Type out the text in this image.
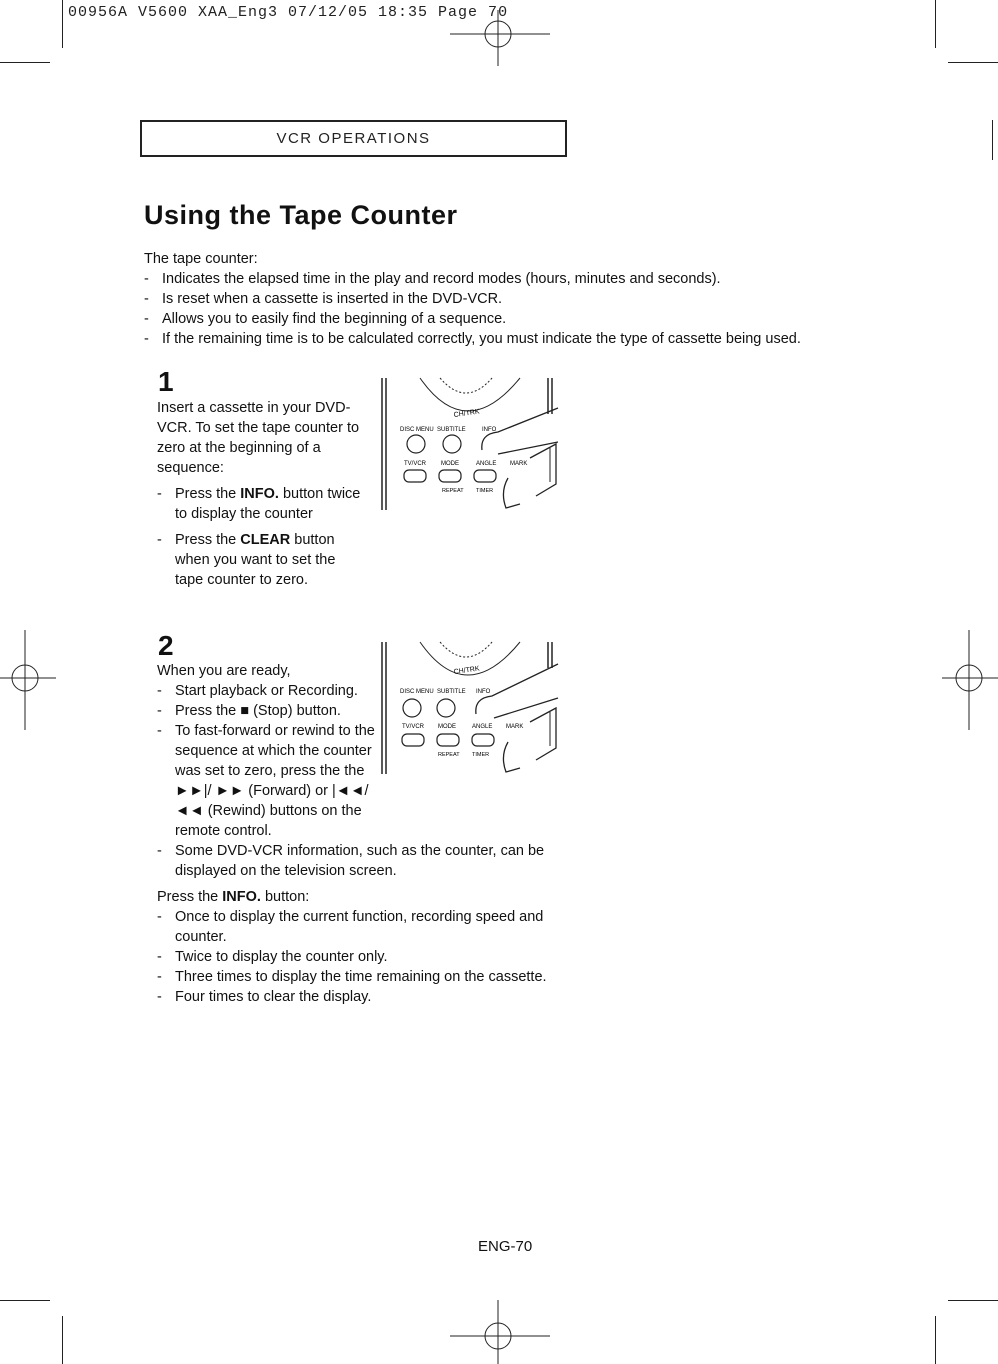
00956A V5600 XAA_Eng3 07/12/05 18:35 Page 70
VCR OPERATIONS
Using the Tape Counter
The tape counter:
- Indicates the elapsed time in the play and record modes (hours, minutes and seconds).
- Is reset when a cassette is inserted in the DVD-VCR.
- Allows you to easily find the beginning of a sequence.
- If the remaining time is to be calculated correctly, you must indicate the type of cassette being used.
1

Insert a cassette in your DVD-VCR. To set the tape counter to zero at the beginning of a sequence:

- Press the INFO. button twice to display the counter
- Press the CLEAR button when you want to set the tape counter to zero.
CH/TRK
DISC MENU SUBTITLE	INFO
TV/VCR MODE	ANGLE MARK
REPEAT TIMER
2

When you are ready,

- Start playback or Recording.
- Press the ■ (Stop) button.
- To fast-forward or rewind to the sequence at which the counter was set to zero, press the the ►►|/ ►► (Forward) or |◄◄/ ◄◄ (Rewind) buttons on the remote control.
- Some DVD-VCR information, such as the counter, can be displayed on the television screen.

Press the INFO. button:

- Once to display the current function, recording speed and counter.
- Twice to display the counter only.
- Three times to display the time remaining on the cassette.
- Four times to clear the display.
CH/TRK
DISC MENU SUBTITLE INFO
TV/VCR MODE	ANGLE MARK
REPEAT TIMER
ENG-70
